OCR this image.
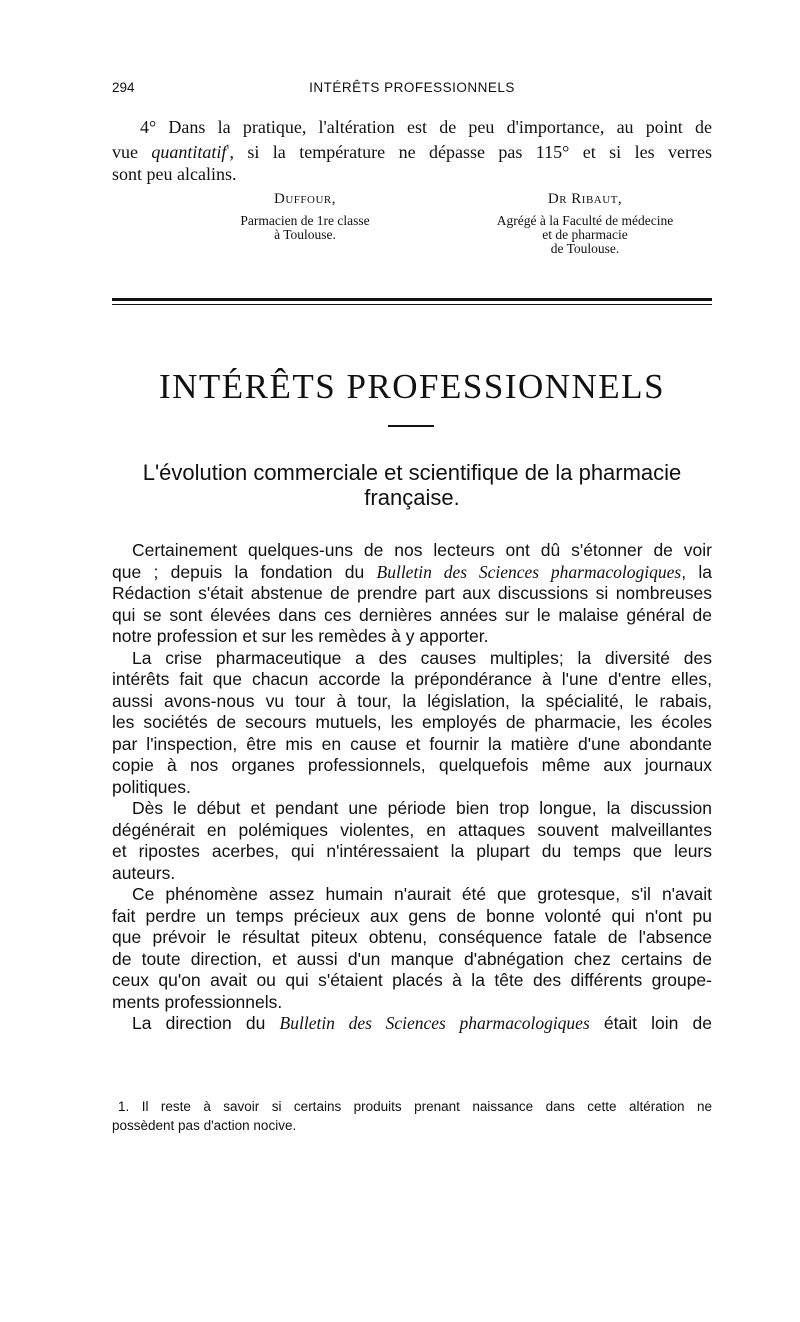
294	INTÉRÊTS PROFESSIONNELS
4° Dans la pratique, l'altération est de peu d'importance, au point de
vue quantitatif$^{^1}$, si la température ne dépasse pas 115° et si les verres
sont peu alcalins.
Duffour,
Parmacien de 1re classe
à Toulouse.
Dr Ribaut,
Agrégé à la Faculté de médecine
et de pharmacie
de Toulouse.
INTÉRÊTS PROFESSIONNELS
L'évolution commerciale et scientifique de la pharmacie
française.
Certainement quelques-uns de nos lecteurs ont dû s'étonner de voir
que ; depuis la fondation du Bulletin des Sciences pharmacologiques, la
Rédaction s'était abstenue de prendre part aux discussions si nombreuses
qui se sont élevées dans ces dernières années sur le malaise général de
notre profession et sur les remèdes à y apporter.
La crise pharmaceutique a des causes multiples; la diversité des
intérêts fait que chacun accorde la prépondérance à l'une d'entre elles,
aussi avons-nous vu tour à tour, la législation, la spécialité, le rabais,
les sociétés de secours mutuels, les employés de pharmacie, les écoles
par l'inspection, être mis en cause et fournir la matière d'une abondante
copie à nos organes professionnels, quelquefois même aux journaux
politiques.
Dès le début et pendant une période bien trop longue, la discussion
dégénérait en polémiques violentes, en attaques souvent malveillantes
et ripostes acerbes, qui n'intéressaient la plupart du temps que leurs
auteurs.
Ce phénomène assez humain n'aurait été que grotesque, s'il n'avait
fait perdre un temps précieux aux gens de bonne volonté qui n'ont pu
que prévoir le résultat piteux obtenu, conséquence fatale de l'absence
de toute direction, et aussi d'un manque d'abnégation chez certains de
ceux qu'on avait ou qui s'étaient placés à la tête des différents groupe-
ments professionnels.
La direction du Bulletin des Sciences pharmacologiques était loin de
1. Il reste à savoir si certains produits prenant naissance dans cette altération ne
possèdent pas d'action nocive.
